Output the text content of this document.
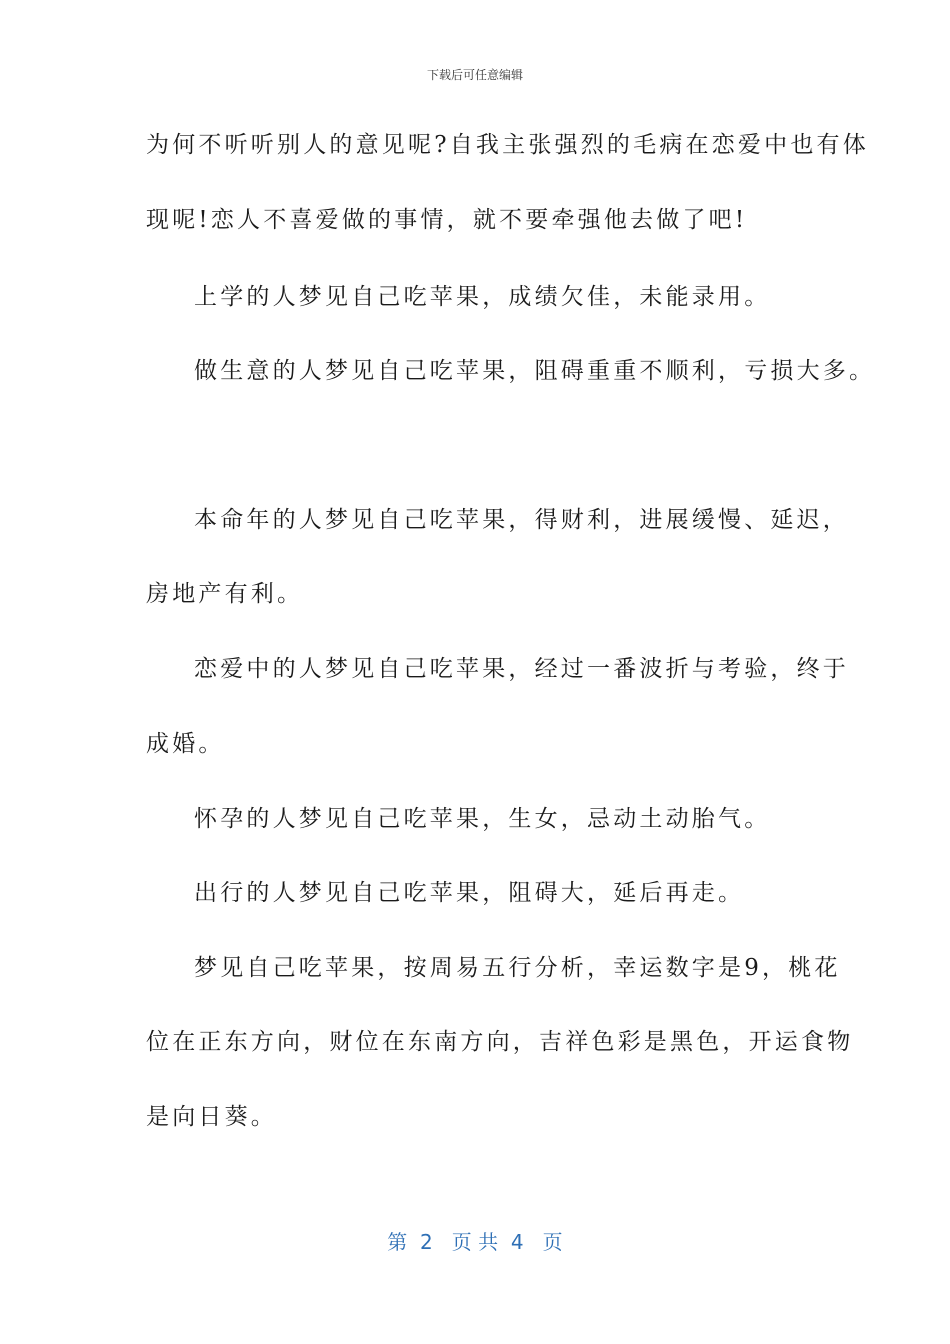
下载后可任意编辑
为何不听听别人的意见呢?自我主张强烈的毛病在恋爱中也有体
现呢!恋人不喜爱做的事情，就不要牵强他去做了吧!
上学的人梦见自己吃苹果，成绩欠佳，未能录用。
做生意的人梦见自己吃苹果，阻碍重重不顺利，亏损大多。
本命年的人梦见自己吃苹果，得财利，进展缓慢、延迟，
房地产有利。
恋爱中的人梦见自己吃苹果，经过一番波折与考验，终于
成婚。
怀孕的人梦见自己吃苹果，生女，忌动土动胎气。
出行的人梦见自己吃苹果，阻碍大，延后再走。
梦见自己吃苹果，按周易五行分析，幸运数字是9，桃花
位在正东方向，财位在东南方向，吉祥色彩是黑色，开运食物
是向日葵。
第  2   页 共  4   页
